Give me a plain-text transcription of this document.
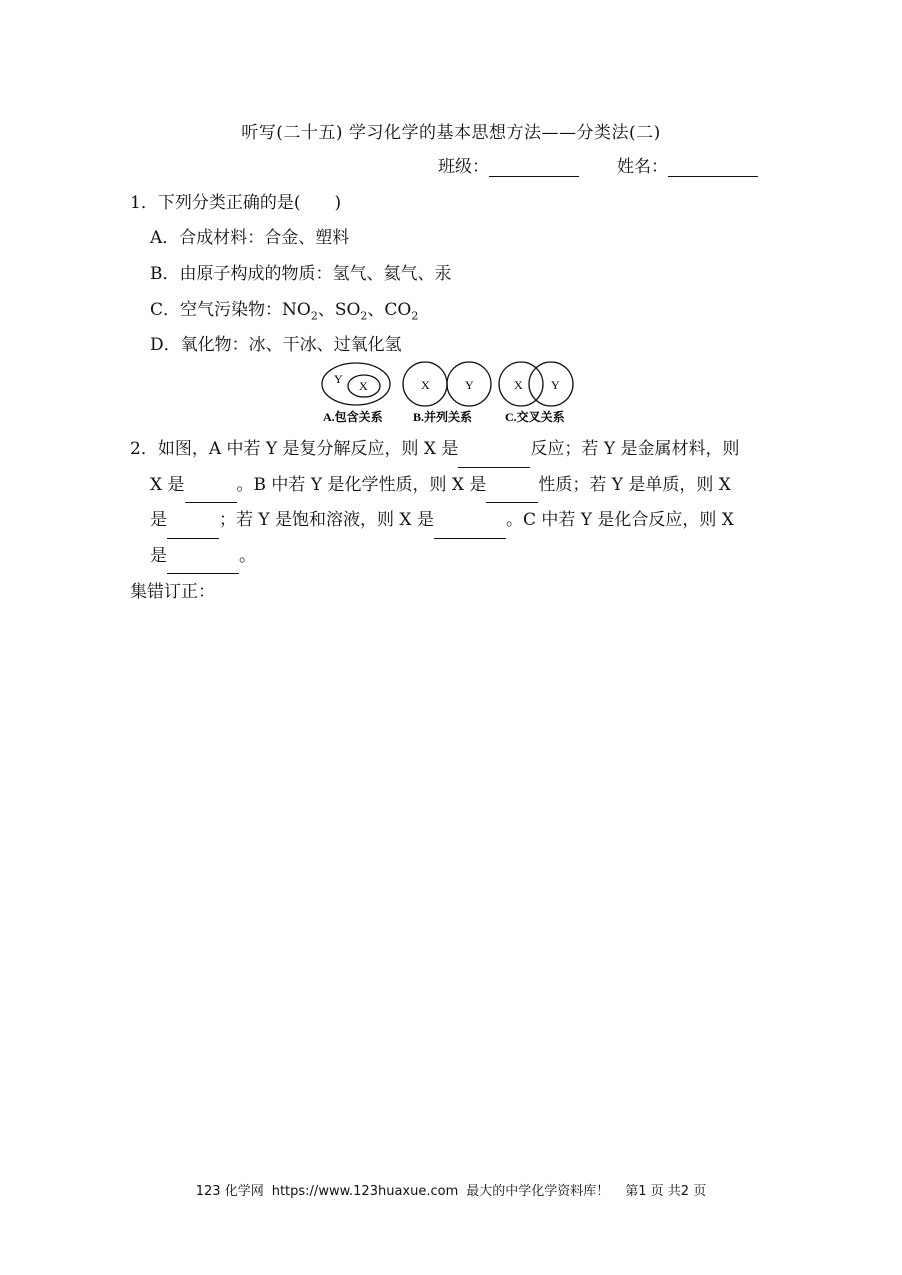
听写(二十五) 学习化学的基本思想方法——分类法(二)
班级：	姓名：
1．下列分类正确的是(　　)
A．合成材料：合金、塑料
B．由原子构成的物质：氢气、氦气、汞
C．空气污染物：$NO_2$、$SO_2$、$CO_2$
D．氧化物：冰、干冰、过氧化氢
Y X	X	Y	X Y
A.包含关系	B.并列关系	C.交叉关系
2．如图，A 中若 Y 是复分解反应，则 X 是	反应；若 Y 是金属材料，则
X 是	。B 中若 Y 是化学性质，则 X 是	性质；若 Y 是单质，则 X
是	；若 Y 是饱和溶液，则 X 是	。C 中若 Y 是化合反应，则 X
是	。
集错订正：
123 化学网 https://www.123huaxue.com 最大的中学化学资料库！ 第1 页 共2 页
